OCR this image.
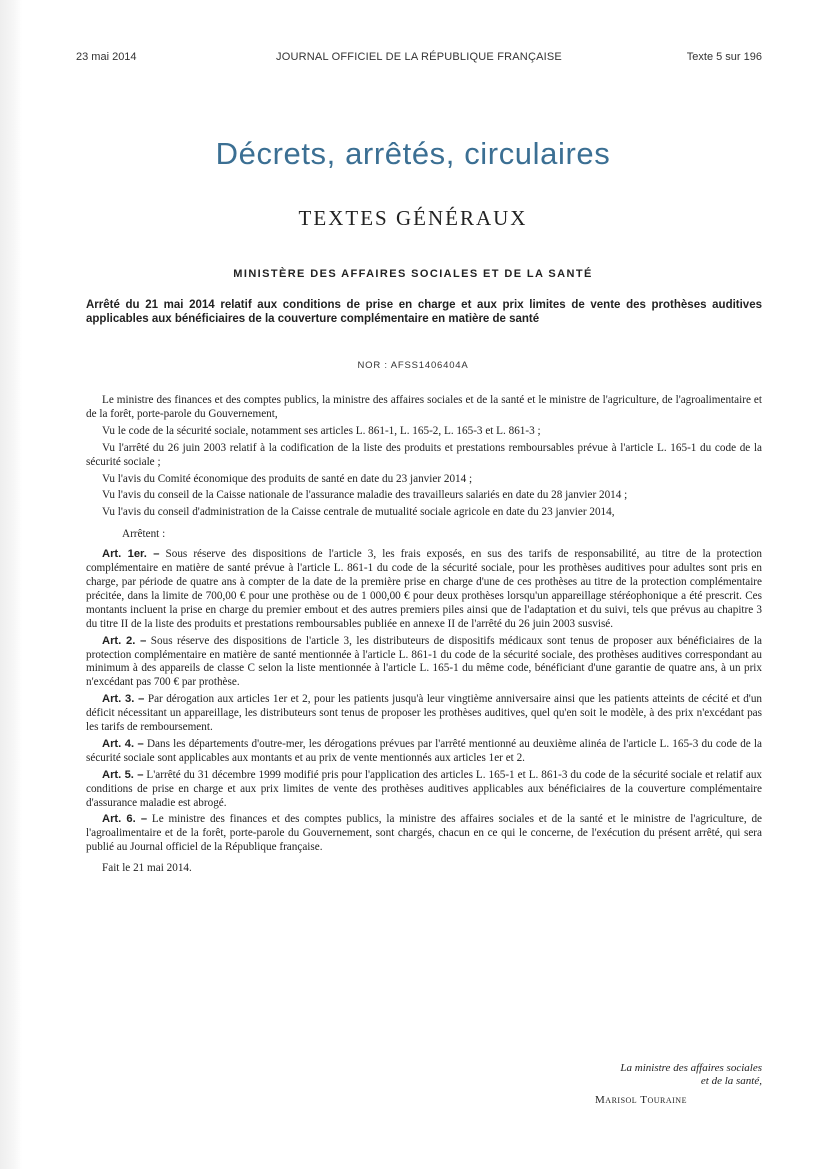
23 mai 2014	JOURNAL OFFICIEL DE LA RÉPUBLIQUE FRANÇAISE	Texte 5 sur 196
Décrets, arrêtés, circulaires
TEXTES GÉNÉRAUX
MINISTÈRE DES AFFAIRES SOCIALES ET DE LA SANTÉ
Arrêté du 21 mai 2014 relatif aux conditions de prise en charge et aux prix limites de vente des prothèses auditives applicables aux bénéficiaires de la couverture complémentaire en matière de santé
NOR : AFSS1406404A

Le ministre des finances et des comptes publics, la ministre des affaires sociales et de la santé et le ministre de l'agriculture, de l'agroalimentaire et de la forêt, porte-parole du Gouvernement,

Vu le code de la sécurité sociale, notamment ses articles L. 861-1, L. 165-2, L. 165-3 et L. 861-3 ;

Vu l'arrêté du 26 juin 2003 relatif à la codification de la liste des produits et prestations remboursables prévue à l'article L. 165-1 du code de la sécurité sociale ;

Vu l'avis du Comité économique des produits de santé en date du 23 janvier 2014 ;

Vu l'avis du conseil de la Caisse nationale de l'assurance maladie des travailleurs salariés en date du 28 janvier 2014 ;

Vu l'avis du conseil d'administration de la Caisse centrale de mutualité sociale agricole en date du 23 janvier 2014,

Arrêtent :

Art. 1er. – Sous réserve des dispositions de l'article 3, les frais exposés, en sus des tarifs de responsabilité, au titre de la protection complémentaire en matière de santé prévue à l'article L. 861-1 du code de la sécurité sociale, pour les prothèses auditives pour adultes sont pris en charge, par période de quatre ans à compter de la date de la première prise en charge d'une de ces prothèses au titre de la protection complémentaire précitée, dans la limite de 700,00 € pour une prothèse ou de 1 000,00 € pour deux prothèses lorsqu'un appareillage stéréophonique a été prescrit. Ces montants incluent la prise en charge du premier embout et des autres premiers piles ainsi que de l'adaptation et du suivi, tels que prévus au chapitre 3 du titre II de la liste des produits et prestations remboursables publiée en annexe II de l'arrêté du 26 juin 2003 susvisé.

Art. 2. – Sous réserve des dispositions de l'article 3, les distributeurs de dispositifs médicaux sont tenus de proposer aux bénéficiaires de la protection complémentaire en matière de santé mentionnée à l'article L. 861-1 du code de la sécurité sociale, des prothèses auditives correspondant au minimum à des appareils de classe C selon la liste mentionnée à l'article L. 165-1 du même code, bénéficiant d'une garantie de quatre ans, à un prix n'excédant pas 700 € par prothèse.

Art. 3. – Par dérogation aux articles 1er et 2, pour les patients jusqu'à leur vingtième anniversaire ainsi que les patients atteints de cécité et d'un déficit nécessitant un appareillage, les distributeurs sont tenus de proposer les prothèses auditives, quel qu'en soit le modèle, à des prix n'excédant pas les tarifs de remboursement.

Art. 4. – Dans les départements d'outre-mer, les dérogations prévues par l'arrêté mentionné au deuxième alinéa de l'article L. 165-3 du code de la sécurité sociale sont applicables aux montants et au prix de vente mentionnés aux articles 1er et 2.

Art. 5. – L'arrêté du 31 décembre 1999 modifié pris pour l'application des articles L. 165-1 et L. 861-3 du code de la sécurité sociale et relatif aux conditions de prise en charge et aux prix limites de vente des prothèses auditives applicables aux bénéficiaires de la couverture complémentaire d'assurance maladie est abrogé.

Art. 6. – Le ministre des finances et des comptes publics, la ministre des affaires sociales et de la santé et le ministre de l'agriculture, de l'agroalimentaire et de la forêt, porte-parole du Gouvernement, sont chargés, chacun en ce qui le concerne, de l'exécution du présent arrêté, qui sera publié au Journal officiel de la République française.

Fait le 21 mai 2014.

La ministre des affaires sociales
et de la santé,
Marisol Touraine
